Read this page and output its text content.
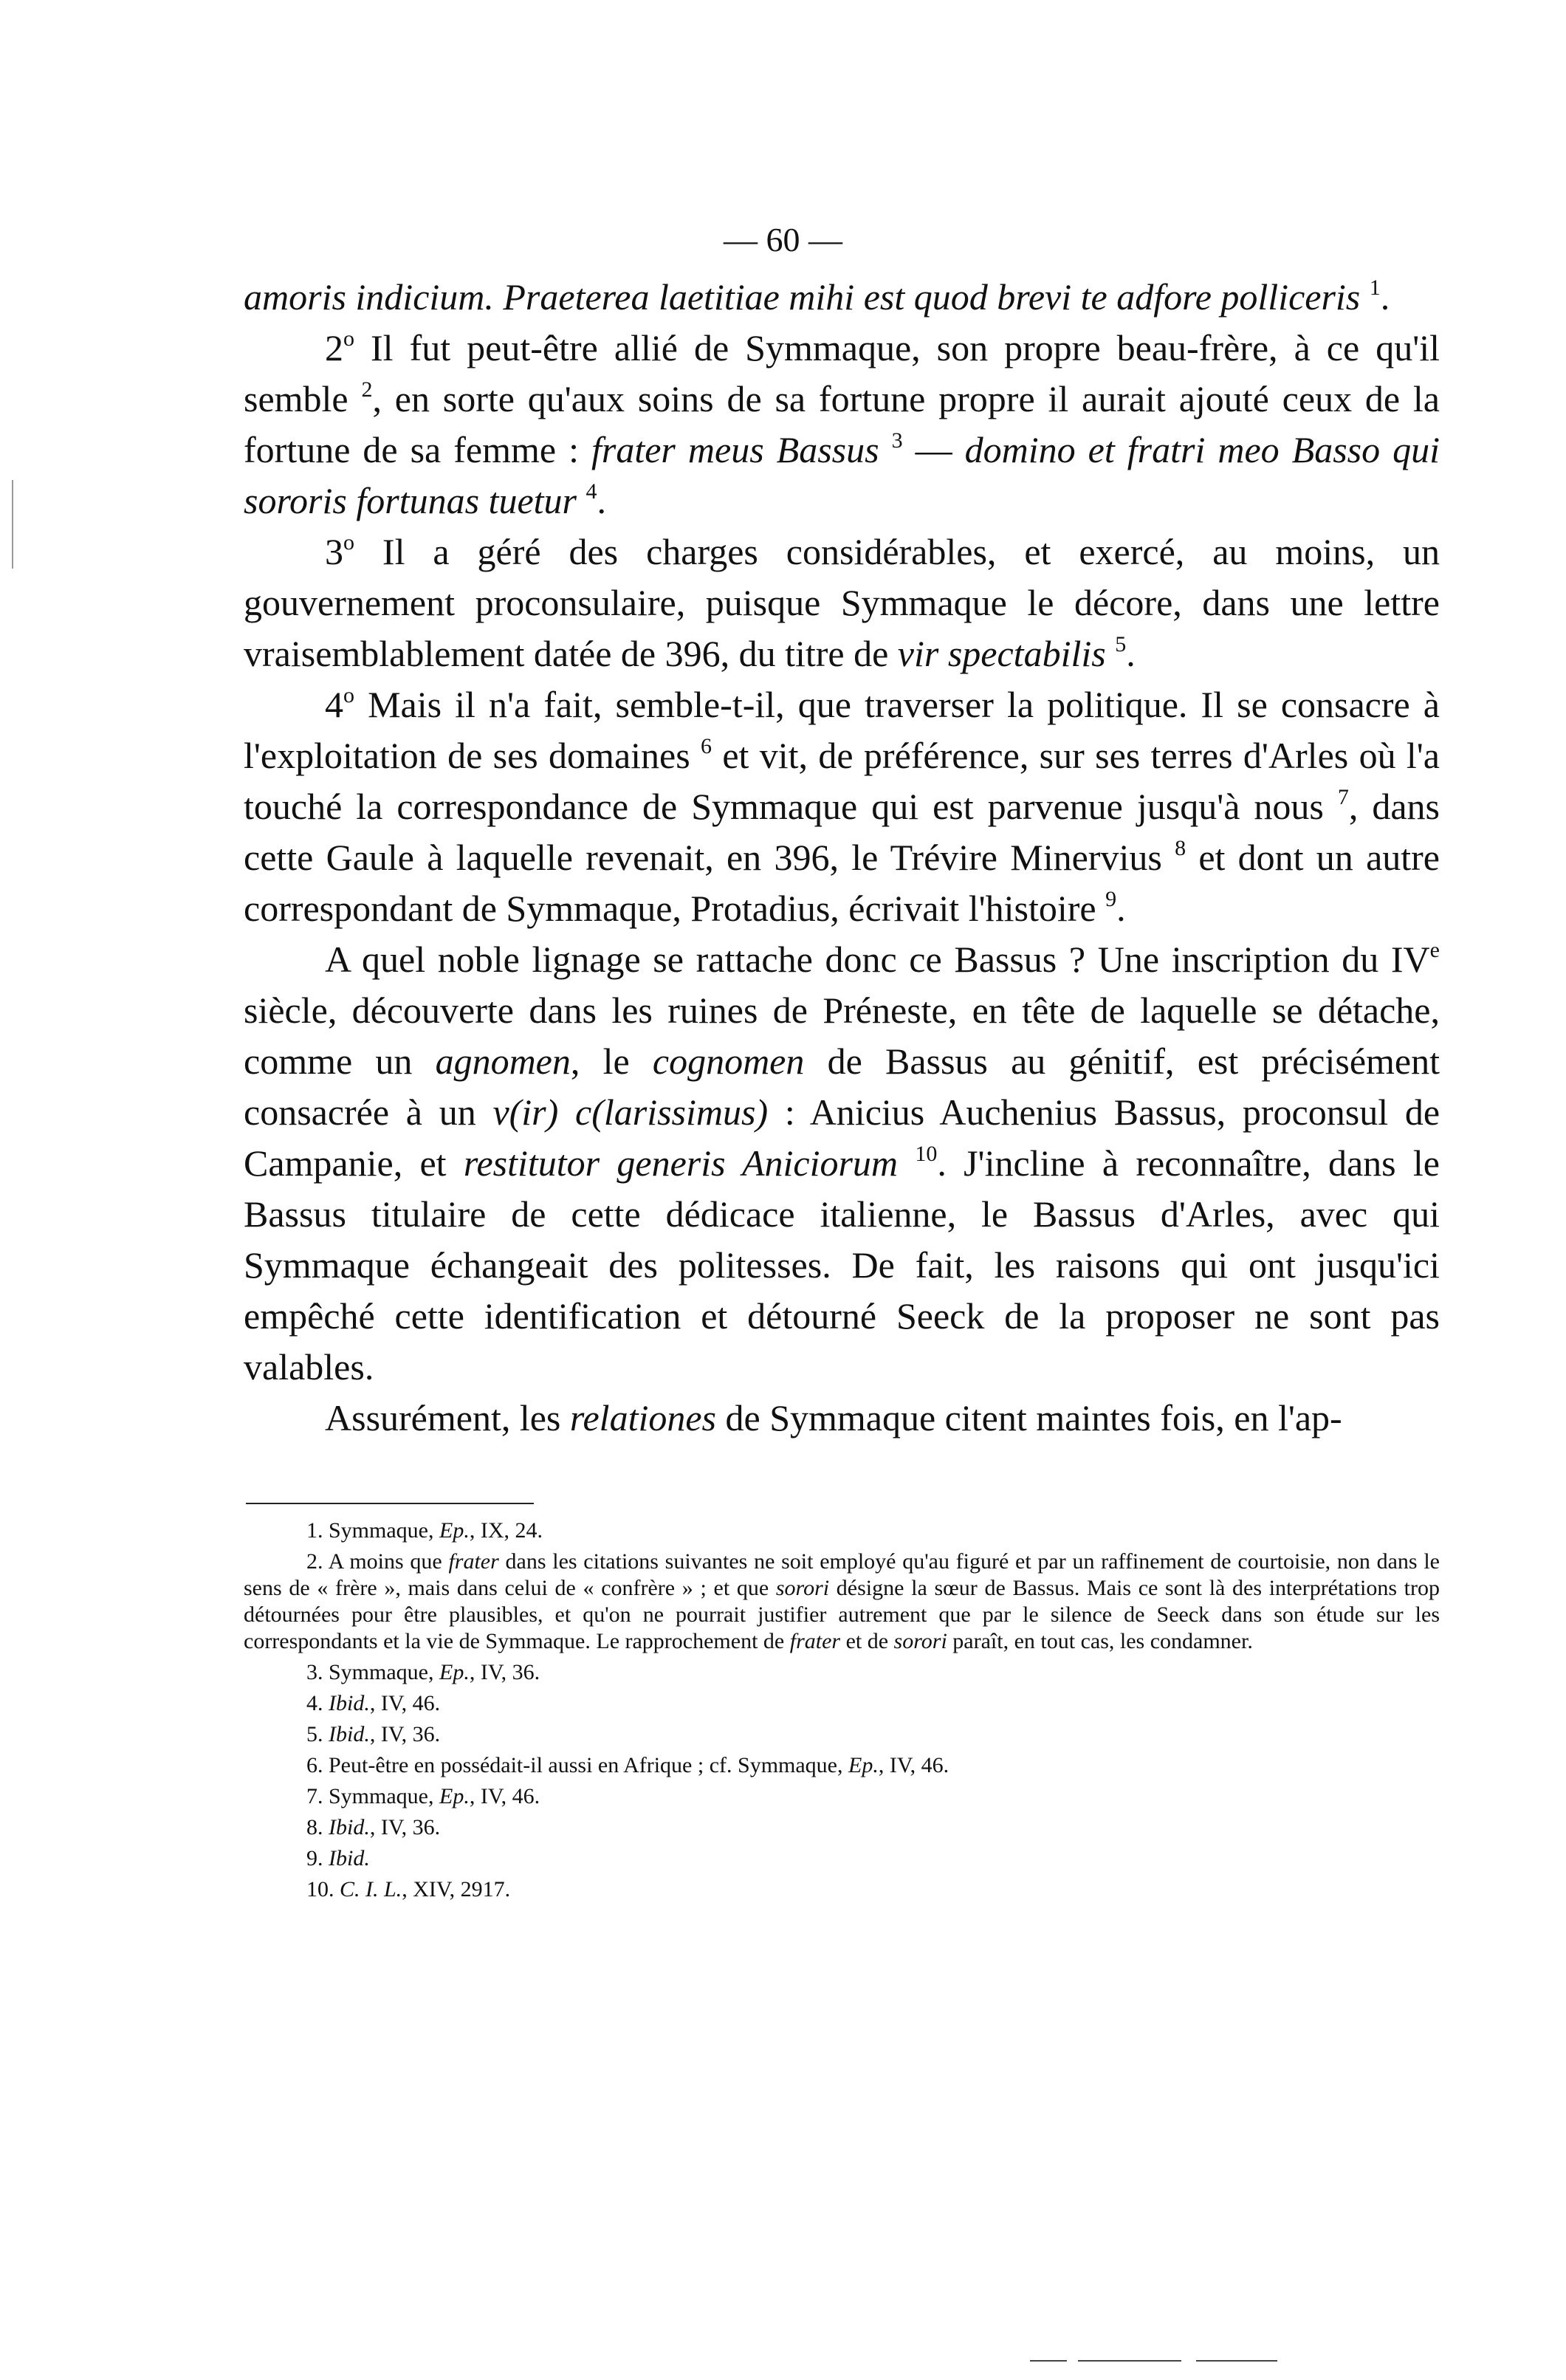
— 60 —

amoris indicium. Praeterea laetitiae mihi est quod brevi te adfore polliceris $^1$.

2$^o$ Il fut peut-être allié de Symmaque, son propre beau-frère, à ce qu'il semble $^2$, en sorte qu'aux soins de sa fortune propre il aurait ajouté ceux de la fortune de sa femme : frater meus Bassus $^3$ — domino et fratri meo Basso qui sororis fortunas tuetur $^4$.

3$^o$ Il a géré des charges considérables, et exercé, au moins, un gouvernement proconsulaire, puisque Symmaque le décore, dans une lettre vraisemblablement datée de 396, du titre de vir spectabilis $^5$.

4$^o$ Mais il n'a fait, semble-t-il, que traverser la politique. Il se consacre à l'exploitation de ses domaines $^6$ et vit, de préférence, sur ses terres d'Arles où l'a touché la correspondance de Symmaque qui est parvenue jusqu'à nous $^7$, dans cette Gaule à laquelle revenait, en 396, le Trévire Minervius $^8$ et dont un autre correspondant de Symmaque, Protadius, écrivait l'histoire $^9$.

A quel noble lignage se rattache donc ce Bassus ? Une inscription du IVe siècle, découverte dans les ruines de Préneste, en tête de laquelle se détache, comme un agnomen, le cognomen de Bassus au génitif, est précisément consacrée à un v(ir) c(larissimus) : Anicius Auchenius Bassus, proconsul de Campanie, et restitutor generis Aniciorum $^{10}$. J'incline à reconnaître, dans le Bassus titulaire de cette dédicace italienne, le Bassus d'Arles, avec qui Symmaque échangeait des politesses. De fait, les raisons qui ont jusqu'ici empêché cette identification et détourné Seeck de la proposer ne sont pas valables.

Assurément, les relationes de Symmaque citent maintes fois, en l'ap-

1. Symmaque, Ep., IX, 24.

2. A moins que frater dans les citations suivantes ne soit employé qu'au figuré et par un raffinement de courtoisie, non dans le sens de « frère », mais dans celui de « confrère » ; et que sorori désigne la sœur de Bassus. Mais ce sont là des interprétations trop détournées pour être plausibles, et qu'on ne pourrait justifier autrement que par le silence de Seeck dans son étude sur les correspondants et la vie de Symmaque. Le rapprochement de frater et de sorori paraît, en tout cas, les condamner.

3. Symmaque, Ep., IV, 36.

4. Ibid., IV, 46.

5. Ibid., IV, 36.

6. Peut-être en possédait-il aussi en Afrique ; cf. Symmaque, Ep., IV, 46.

7. Symmaque, Ep., IV, 46.

8. Ibid., IV, 36.

9. Ibid.

10. C. I. L., XIV, 2917.
